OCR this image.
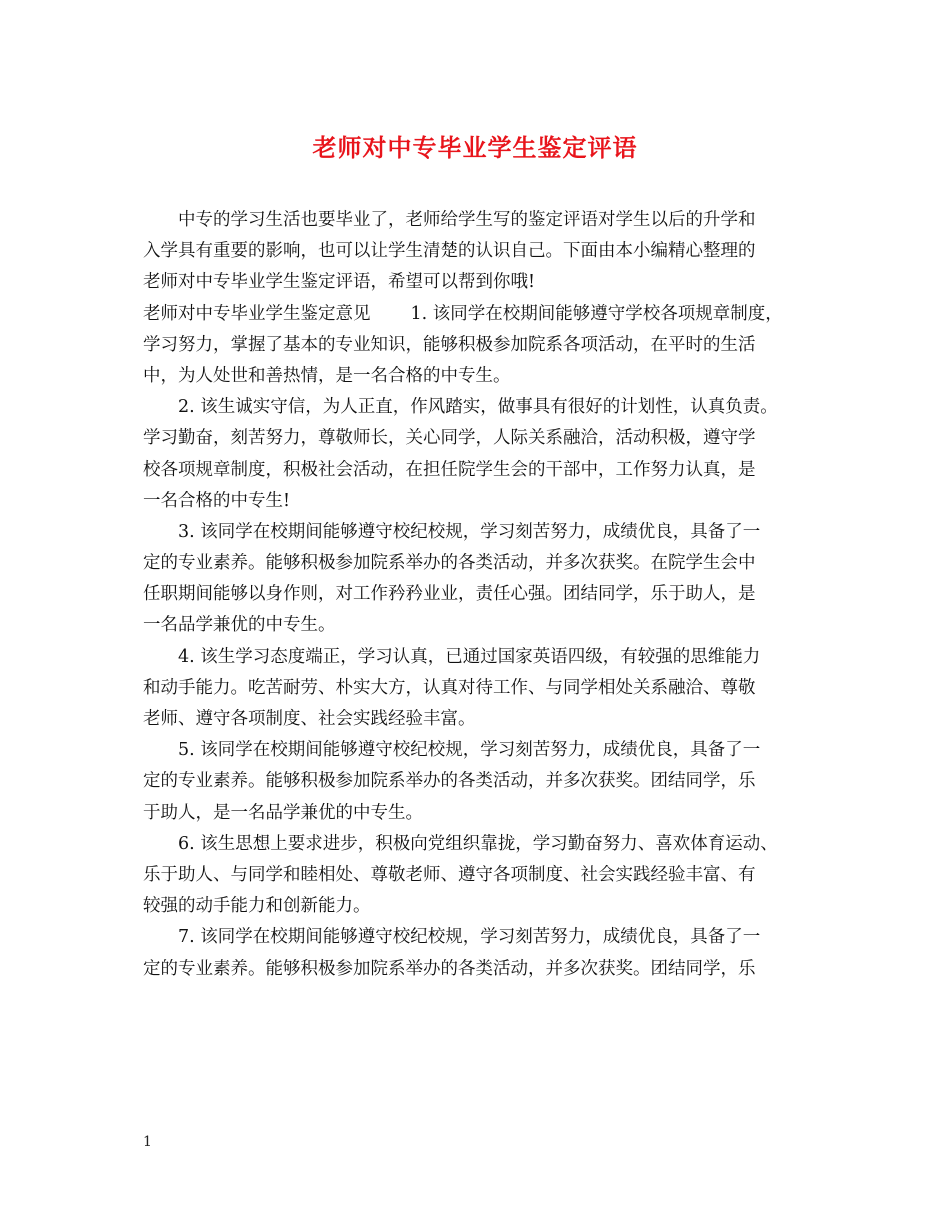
老师对中专毕业学生鉴定评语
中专的学习生活也要毕业了，老师给学生写的鉴定评语对学生以后的升学和
入学具有重要的影响，也可以让学生清楚的认识自己。下面由本小编精心整理的
老师对中专毕业学生鉴定评语，希望可以帮到你哦!
老师对中专毕业学生鉴定意见 1. 该同学在校期间能够遵守学校各项规章制度，
学习努力，掌握了基本的专业知识，能够积极参加院系各项活动，在平时的生活
中，为人处世和善热情，是一名合格的中专生。
2. 该生诚实守信，为人正直，作风踏实，做事具有很好的计划性，认真负责。
学习勤奋，刻苦努力，尊敬师长，关心同学，人际关系融洽，活动积极，遵守学
校各项规章制度，积极社会活动，在担任院学生会的干部中，工作努力认真，是
一名合格的中专生!
3. 该同学在校期间能够遵守校纪校规，学习刻苦努力，成绩优良，具备了一
定的专业素养。能够积极参加院系举办的各类活动，并多次获奖。在院学生会中
任职期间能够以身作则，对工作矜矜业业，责任心强。团结同学，乐于助人，是
一名品学兼优的中专生。
4. 该生学习态度端正，学习认真，已通过国家英语四级，有较强的思维能力
和动手能力。吃苦耐劳、朴实大方，认真对待工作、与同学相处关系融洽、尊敬
老师、遵守各项制度、社会实践经验丰富。
5. 该同学在校期间能够遵守校纪校规，学习刻苦努力，成绩优良，具备了一
定的专业素养。能够积极参加院系举办的各类活动，并多次获奖。团结同学，乐
于助人，是一名品学兼优的中专生。
6. 该生思想上要求进步，积极向党组织靠拢，学习勤奋努力、喜欢体育运动、
乐于助人、与同学和睦相处、尊敬老师、遵守各项制度、社会实践经验丰富、有
较强的动手能力和创新能力。
7. 该同学在校期间能够遵守校纪校规，学习刻苦努力，成绩优良，具备了一
定的专业素养。能够积极参加院系举办的各类活动，并多次获奖。团结同学，乐
1
